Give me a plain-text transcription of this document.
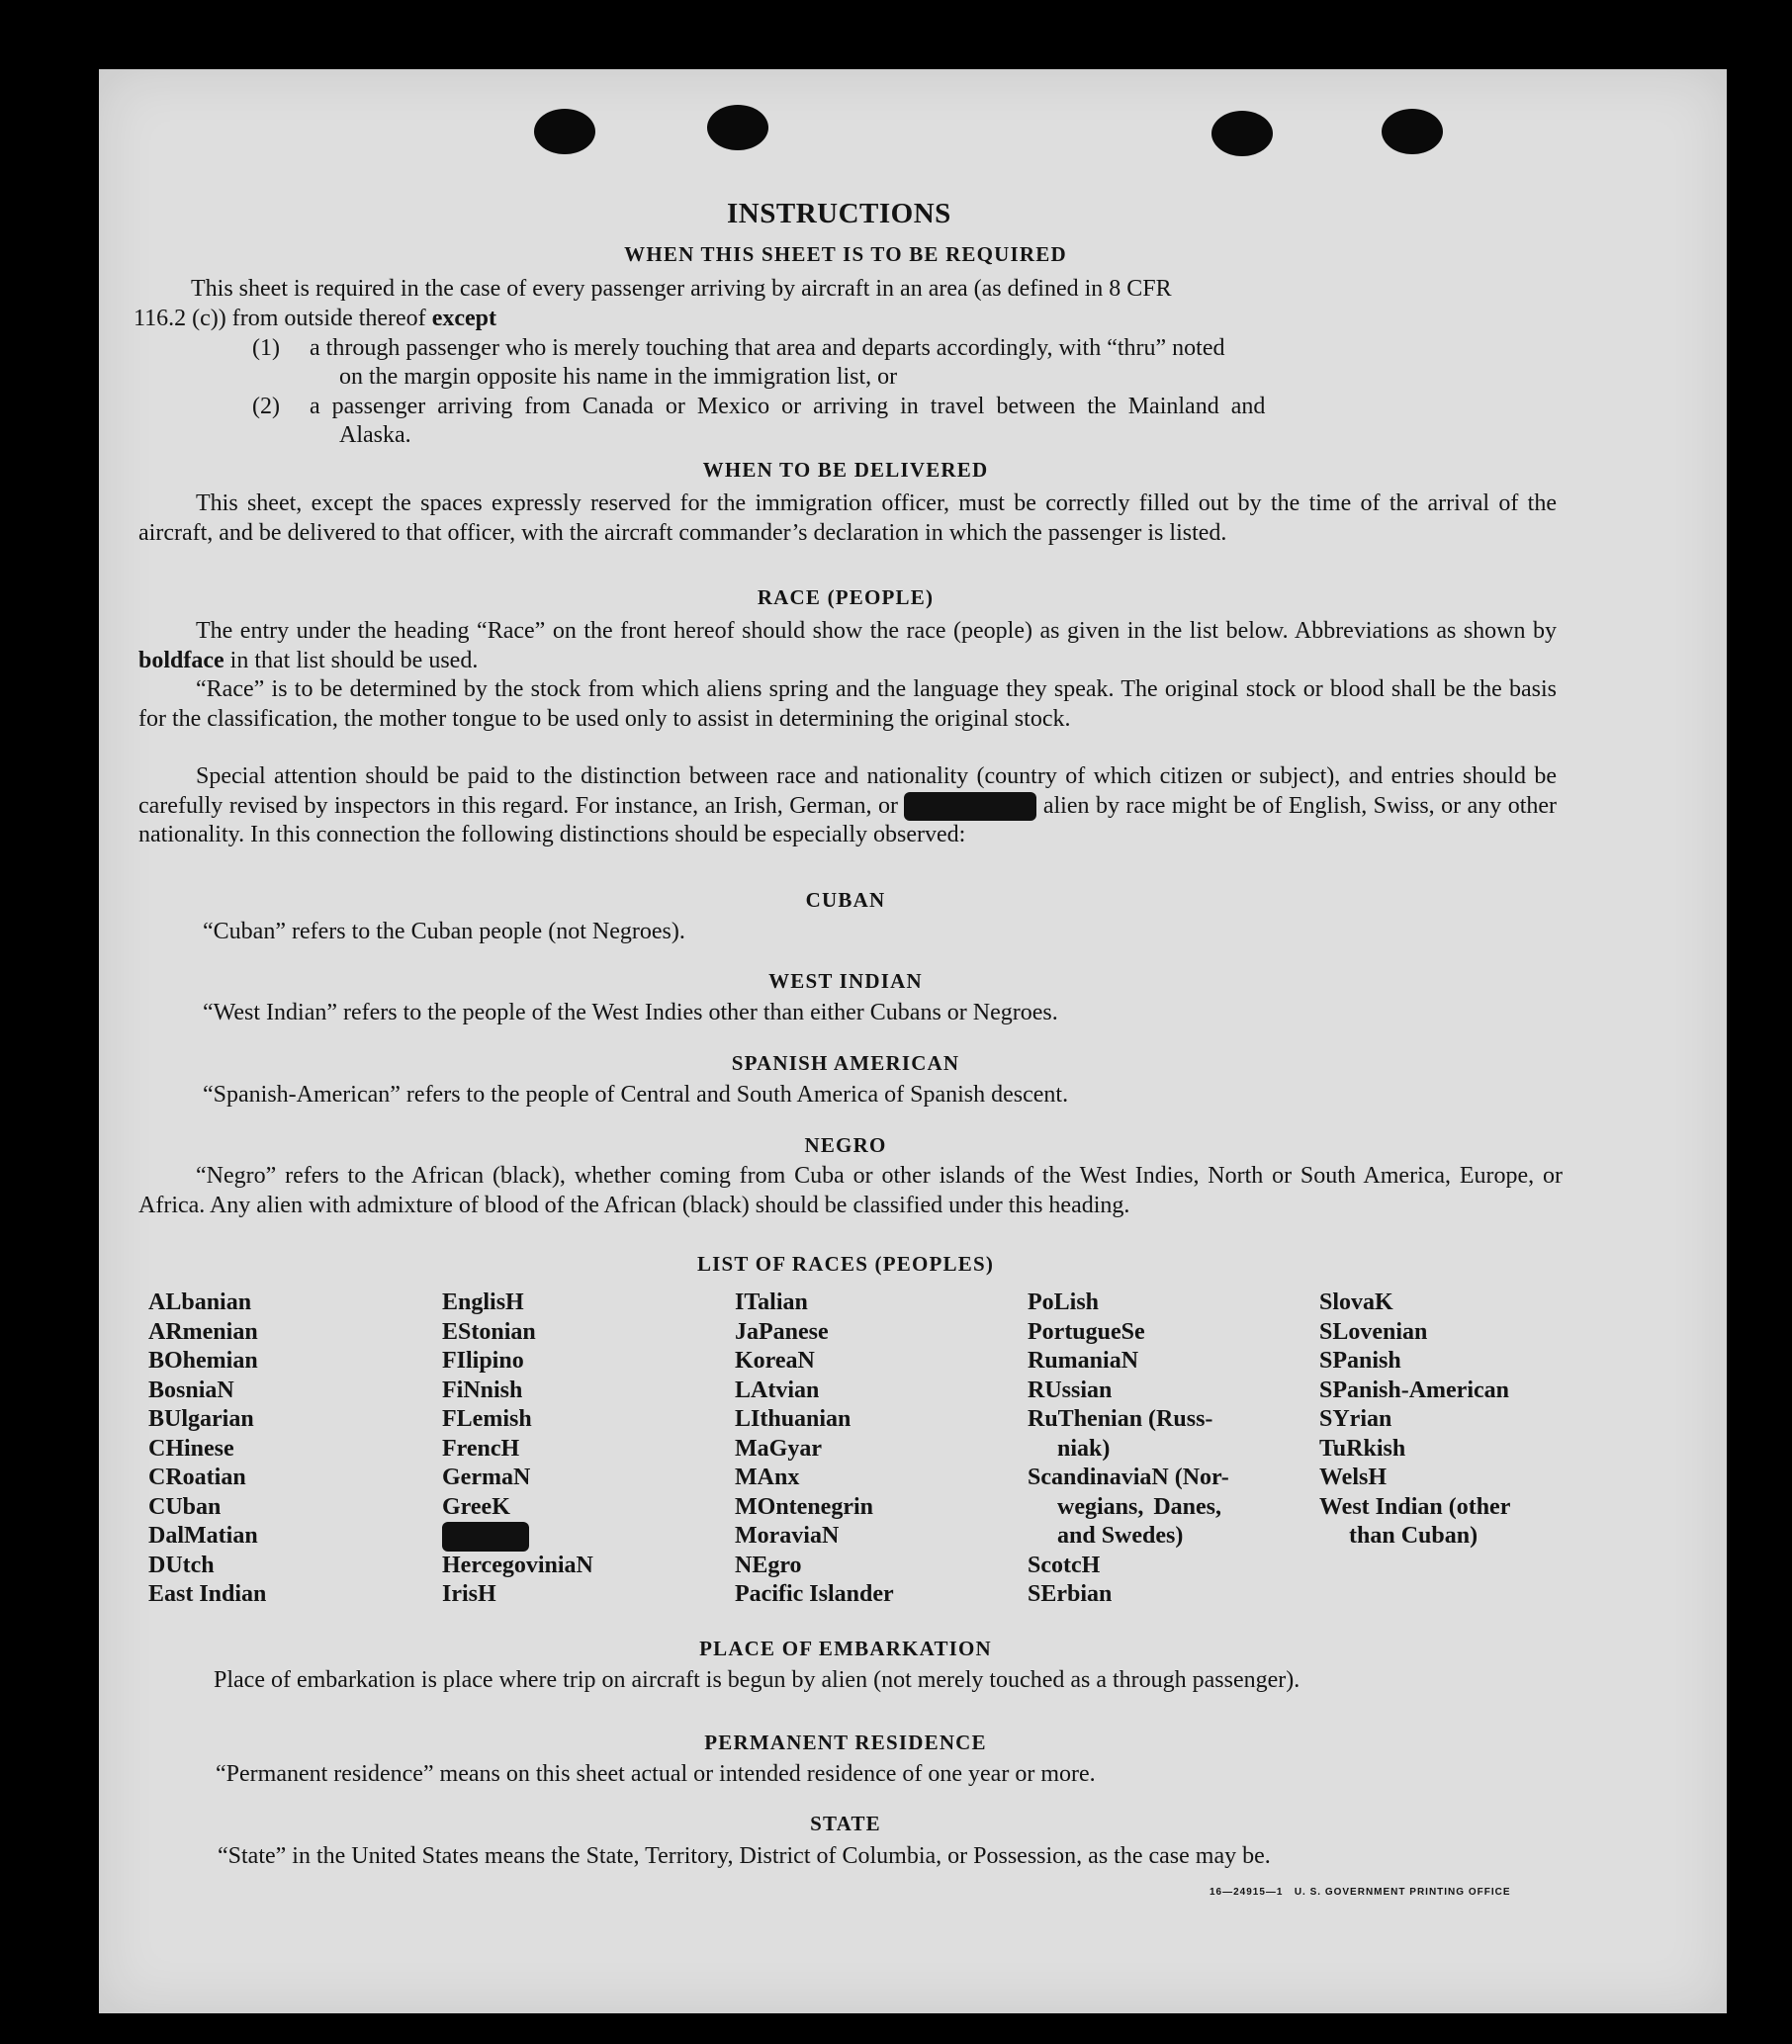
INSTRUCTIONS
WHEN THIS SHEET IS TO BE REQUIRED
This sheet is required in the case of every passenger arriving by aircraft in an area (as defined in 8 CFR
116.2 (c)) from outside thereof except
(1) a through passenger who is merely touching that area and departs accordingly, with “thru” noted
on the margin opposite his name in the immigration list, or
(2) a passenger arriving from Canada or Mexico or arriving in travel between the Mainland and
Alaska.
WHEN TO BE DELIVERED
This sheet, except the spaces expressly reserved for the immigration officer, must be correctly filled out by the time of the arrival of the aircraft, and be delivered to that officer, with the aircraft commander’s declaration in which the passenger is listed.
RACE (PEOPLE)
The entry under the heading “Race” on the front hereof should show the race (people) as given in the list below. Abbreviations as shown by boldface in that list should be used.
“Race” is to be determined by the stock from which aliens spring and the language they speak. The original stock or blood shall be the basis for the classification, the mother tongue to be used only to assist in determining the original stock.
Special attention should be paid to the distinction between race and nationality (country of which citizen or subject), and entries should be carefully revised by inspectors in this regard. For instance, an Irish, German, or	alien by race might be of English, Swiss, or any other nationality. In this connection the following distinctions should be especially observed:
CUBAN
“Cuban” refers to the Cuban people (not Negroes).
WEST INDIAN
“West Indian” refers to the people of the West Indies other than either Cubans or Negroes.
SPANISH AMERICAN
“Spanish-American” refers to the people of Central and South America of Spanish descent.
NEGRO
“Negro” refers to the African (black), whether coming from Cuba or other islands of the West Indies, North or South America, Europe, or Africa. Any alien with admixture of blood of the African (black) should be classified under this heading.
LIST OF RACES (PEOPLES)
ALbanian
ARmenian
BOhemian
BosniaN
BUlgarian
CHinese
CRoatian
CUban
DalMatian
DUtch
East Indian
EnglisH
EStonian
FIlipino
FiNnish
FLemish
FrencH
GermaN
GreeK
HercegoviniaN
IrisH
ITalian
JaPanese
KoreaN
LAtvian
LIthuanian
MaGyar
MAnx
MOntenegrin
MoraviaN
NEgro
Pacific Islander
PoLish
PortugueSe
RumaniaN
RUssian
RuThenian (Russ-
niak)
ScandinaviaN (Nor-
wegians, Danes,
and Swedes)
ScotcH
SErbian
SlovaK
SLovenian
SPanish
SPanish-American
SYrian
TuRkish
WelsH
West Indian (other
than Cuban)
PLACE OF EMBARKATION
Place of embarkation is place where trip on aircraft is begun by alien (not merely touched as a through passenger).
PERMANENT RESIDENCE
“Permanent residence” means on this sheet actual or intended residence of one year or more.
STATE
“State” in the United States means the State, Territory, District of Columbia, or Possession, as the case may be.
16—24915—1   U. S. GOVERNMENT PRINTING OFFICE
